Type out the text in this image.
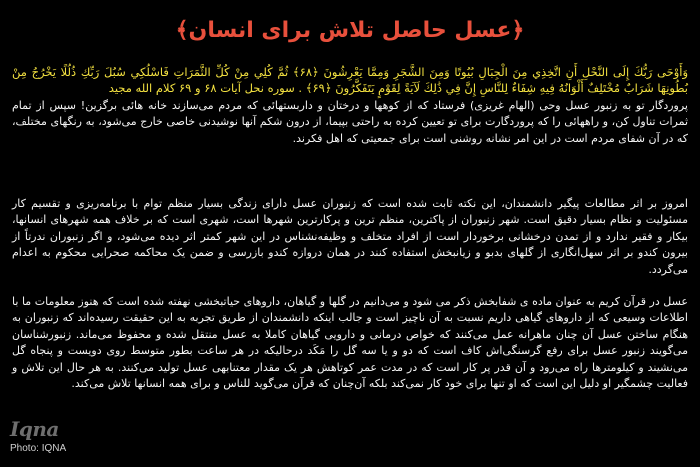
﴿عسل حاصل تلاش برای انسان﴾
وَأَوْحَى رَبُّكَ إِلَى النَّحْلِ أَنِ اتَّخِذِي مِنَ الْجِبَالِ بُيُوتًا وَمِنَ الشَّجَرِ وَمِمَّا يَعْرِشُونَ ﴿۶۸﴾ ثُمَّ كُلِي مِنْ كُلِّ الثَّمَرَاتِ فَاسْلُكِي سُبُلَ رَبِّكِ ذُلُلًا يَخْرُجُ مِنْ بُطُونِهَا شَرَابٌ مُخْتَلِفٌ أَلْوَانُهُ فِيهِ شِفَاءٌ لِلنَّاسِ إِنَّ فِي ذَٰلِكَ لَآيَةً لِقَوْمٍ يَتَفَكَّرُونَ ﴿۶۹﴾ . سوره نحل آیات ۶۸ و ۶۹ کلام الله مجید

پروردگار تو به زنبور عسل وحی (الهام غریزی) فرستاد که از کوهها و درختان و داربستهائی که مردم می‌سازند خانه هائی برگزین! سپس از تمام ثمرات تناول کن، و راههائی را که پروردگارت برای تو تعیین کرده به راحتی بپیما، از درون شکم آنها نوشیدنی خاصی خارج می‌شود، به رنگهای مختلف، که در آن شفای مردم است در این امر نشانه روشنی است برای جمعیتی که اهل فکرند.

امروز بر اثر مطالعات پیگیر دانشمندان، این نکته ثابت شده است که زنبوران عسل دارای زندگی بسیار منظم توام با برنامه‌ریزی و تقسیم کار مسئولیت و نظام بسیار دقیق است. شهر زنبوران از پاکترین، منظم ترین و پرکارترین شهرها است، شهری است که بر خلاف همه شهرهای انسانها، بیکار و فقیر ندارد و از تمدن درخشانی برخوردار است از افراد متخلف و وظیفه‌نشناس در این شهر کمتر اثر دیده می‌شود، و اگر زنبوران ندرتاً از بیرون کندو بر اثر سهل‌انگاری از گلهای بدبو و زیانبخش استفاده کنند در همان دروازه کندو بازرسی و ضمن یک محاکمه صحرایی محکوم به اعدام می‌گردد.

عسل در قرآن کریم به عنوان ماده ی شفابخش ذکر می شود و می‌دانیم در گلها و گیاهان، داروهای حیاتبخشی نهفته شده است که هنوز معلومات ما با اطلاعات وسیعی که از داروهای گیاهی داریم نسبت به آن ناچیز است و جالب اینکه دانشمندان از طریق تجربه به این حقیقت رسیده‌اند که زنبوران به هنگام ساختن عسل آن چنان ماهرانه عمل می‌کنند که خواص درمانی و دارویی گیاهان کاملا به عسل منتقل شده و محفوظ می‌ماند. زنبورشناسان می‌گویند زنبور عسل برای رفع گرسنگی‌اش کاف است که دو و یا سه گل را مَکَد درحالیکه در هر ساعت بطور متوسط روی دویست و پنجاه گل می‌نشیند و کیلومترها راه می‌رود و آن قدر پر کار است که در مدت عمر کوتاهش هر یک مقدار معتنابهی عسل تولید می‌کنند. به هر حال این تلاش و فعالیت چشمگیر او دلیل این است که او تنها برای خود کار نمی‌کند بلکه آن‌چنان که قرآن می‌گوید للناس و برای همه انسانها تلاش می‌کند.

Iqna
Photo: IQNA
